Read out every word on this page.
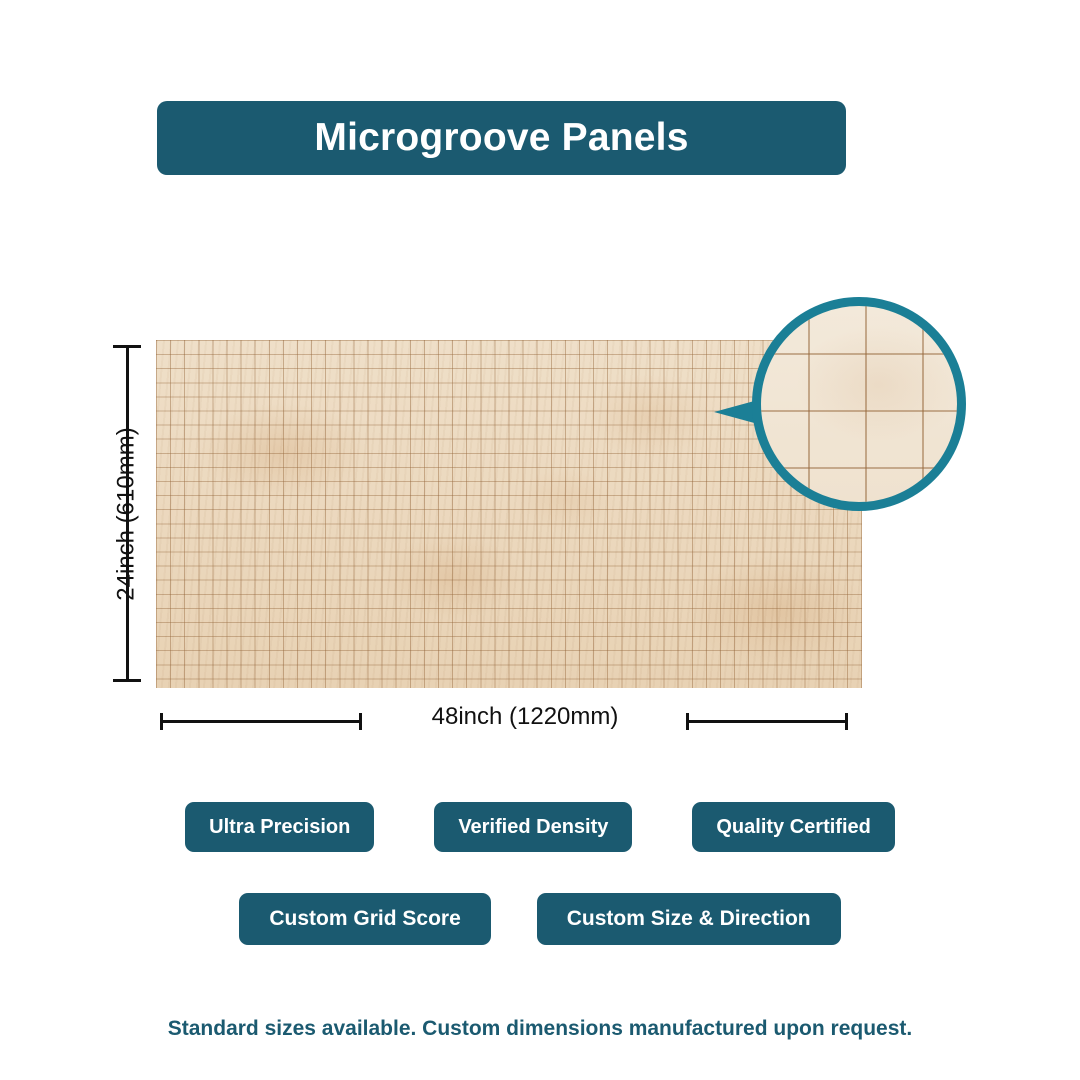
Microgroove Panels
24inch (610mm)
48inch (1220mm)
Ultra Precision	Verified Density	Quality Certified
Custom Grid Score	Custom Size & Direction
Standard sizes available. Custom dimensions manufactured upon request.
